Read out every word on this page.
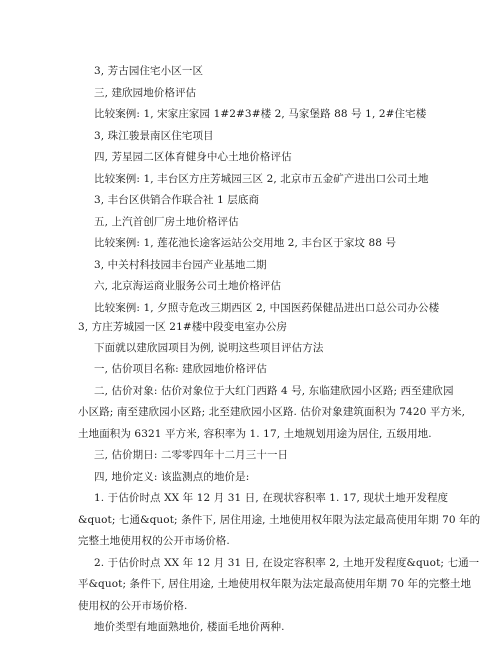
3, 芳古园住宅小区一区
三, 建欣园地价格评估
比较案例: 1, 宋家庄家园 1#2#3#楼 2, 马家堡路 88 号 1, 2#住宅楼
3, 珠江骏景南区住宅项目
四, 芳星园二区体育健身中心土地价格评估
比较案例: 1, 丰台区方庄芳城园三区 2, 北京市五金矿产进出口公司土地
3, 丰台区供销合作联合社 1 层底商
五, 上汽首创厂房土地价格评估
比较案例: 1, 莲花池长途客运站公交用地 2, 丰台区于家坟 88 号
3, 中关村科技园丰台园产业基地二期
六, 北京海运商业服务公司土地价格评估
比较案例: 1, 夕照寺危改三期西区 2, 中国医药保健品进出口总公司办公楼
3, 方庄芳城园一区 21#楼中段变电室办公房
下面就以建欣园项目为例, 说明这些项目评估方法
一, 估价项目名称: 建欣园地价格评估
二, 估价对象: 估价对象位于大红门西路 4 号, 东临建欣园小区路; 西至建欣园
小区路; 南至建欣园小区路; 北至建欣园小区路. 估价对象建筑面积为 7420 平方米,
土地面积为 6321 平方米, 容积率为 1. 17, 土地规划用途为居住, 五级用地.
三, 估价期日: 二零零四年十二月三十一日
四, 地价定义: 该监测点的地价是:
1. 于估价时点 XX 年 12 月 31 日, 在现状容积率 1. 17, 现状土地开发程度
&quot; 七通&quot; 条件下, 居住用途, 土地使用权年限为法定最高使用年期 70 年的
完整土地使用权的公开市场价格.
2. 于估价时点 XX 年 12 月 31 日, 在设定容积率 2, 土地开发程度&quot; 七通一
平&quot; 条件下, 居住用途, 土地使用权年限为法定最高使用年期 70 年的完整土地
使用权的公开市场价格.
地价类型有地面熟地价, 楼面毛地价两种.
